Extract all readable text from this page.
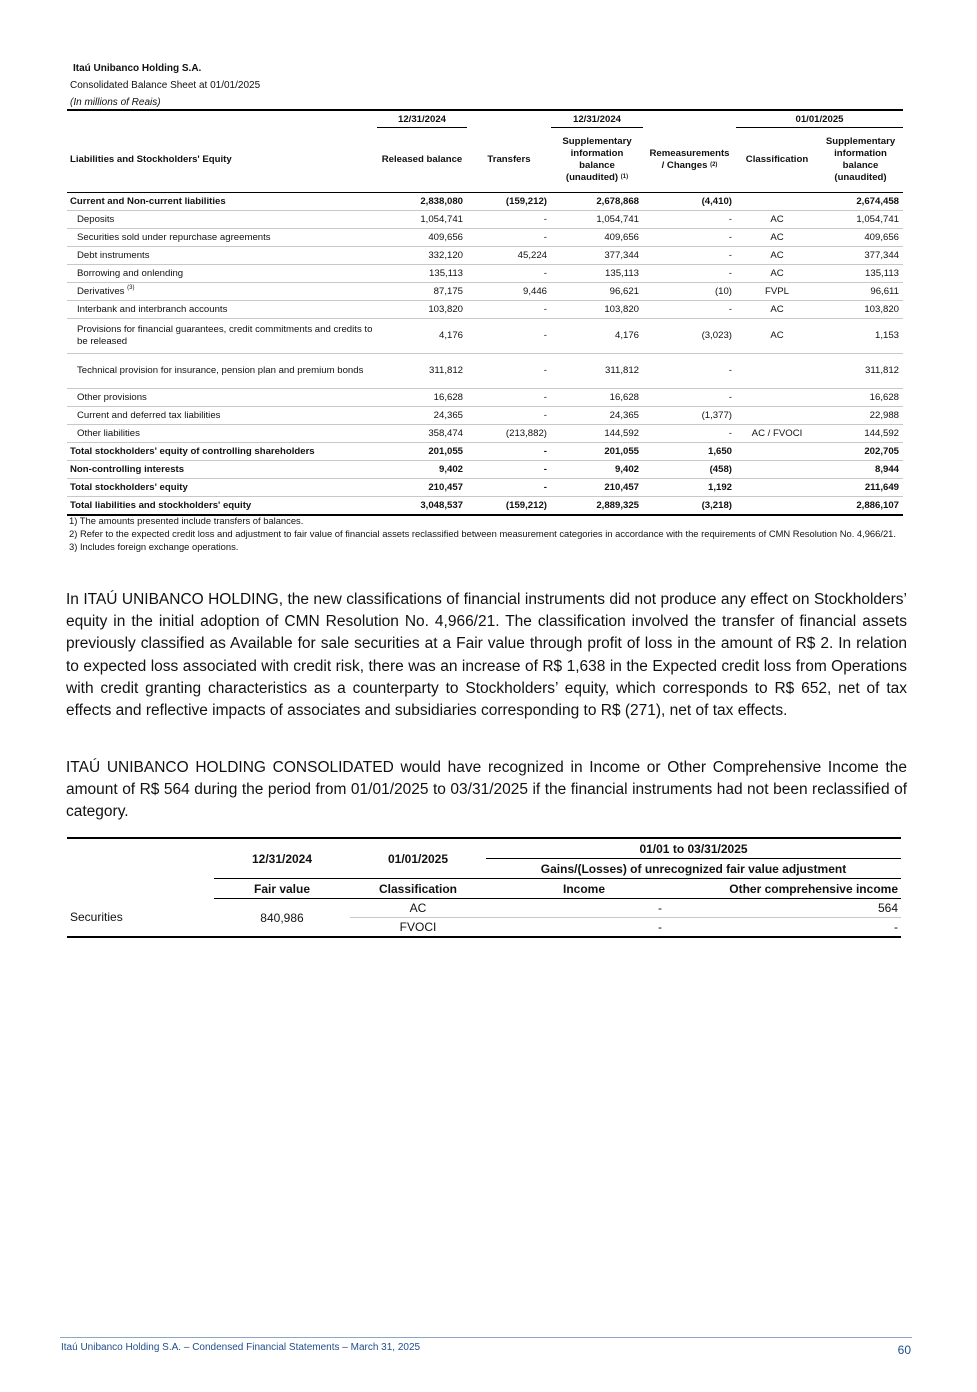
Itaú Unibanco Holding S.A.
Consolidated Balance Sheet at 01/01/2025
(In millions of Reais)

	12/31/2024		12/31/2024		01/01/2025	
Liabilities and Stockholders' Equity	Released balance	Transfers	Supplementary information balance (unaudited) $^{(1)}$	Remeasurements / Changes $^{(2)}$	Classification	Supplementary information balance (unaudited)
Current and Non-current liabilities	2,838,080	(159,212)	2,678,868	(4,410)		2,674,458
Deposits	1,054,741	-	1,054,741	-	AC	1,054,741
Securities sold under repurchase agreements	409,656	-	409,656	-	AC	409,656
Debt instruments	332,120	45,224	377,344	-	AC	377,344
Borrowing and onlending	135,113	-	135,113	-	AC	135,113
Derivatives $^{(3)}$	87,175	9,446	96,621	(10)	FVPL	96,611
Interbank and interbranch accounts	103,820	-	103,820	-	AC	103,820
Provisions for financial guarantees, credit commitments and credits to be released	4,176	-	4,176	(3,023)	AC	1,153
Technical provision for insurance, pension plan and premium bonds	311,812	-	311,812	-		311,812
Other provisions	16,628	-	16,628	-		16,628
Current and deferred tax liabilities	24,365	-	24,365	(1,377)		22,988
Other liabilities	358,474	(213,882)	144,592	-	AC / FVOCI	144,592
Total stockholders' equity of controlling shareholders	201,055	-	201,055	1,650		202,705
Non-controlling interests	9,402	-	9,402	(458)		8,944
Total stockholders' equity	210,457	-	210,457	1,192		211,649
Total liabilities and stockholders' equity	3,048,537	(159,212)	2,889,325	(3,218)		2,886,107

1) The amounts presented include transfers of balances.

2) Refer to the expected credit loss and adjustment to fair value of financial assets reclassified between measurement categories in accordance with the requirements of CMN Resolution No. 4,966/21.

3) Includes foreign exchange operations.

In ITAÚ UNIBANCO HOLDING, the new classifications of financial instruments did not produce any effect on Stockholders’ equity in the initial adoption of CMN Resolution No. 4,966/21. The classification involved the transfer of financial assets previously classified as Available for sale securities at a Fair value through profit of loss in the amount of R$ 2. In relation to expected loss associated with credit risk, there was an increase of R$ 1,638 in the Expected credit loss from Operations with credit granting characteristics as a counterparty to Stockholders’ equity, which corresponds to R$ 652, net of tax effects and reflective impacts of associates and subsidiaries corresponding to R$ (271), net of tax effects.

ITAÚ UNIBANCO HOLDING CONSOLIDATED would have recognized in Income or Other Comprehensive Income the amount of R$ 564 during the period from 01/01/2025 to 03/31/2025 if the financial instruments had not been reclassified of category.

	12/31/2024	01/01/2025	01/01 to 03/31/2025	
			Gains/(Losses) of unrecognized fair value adjustment	
	Fair value	Classification	Income	Other comprehensive income
Securities	840,986	AC	-	564
		FVOCI	-	-
Itaú Unibanco Holding S.A. – Condensed Financial Statements – March 31, 2025	60
